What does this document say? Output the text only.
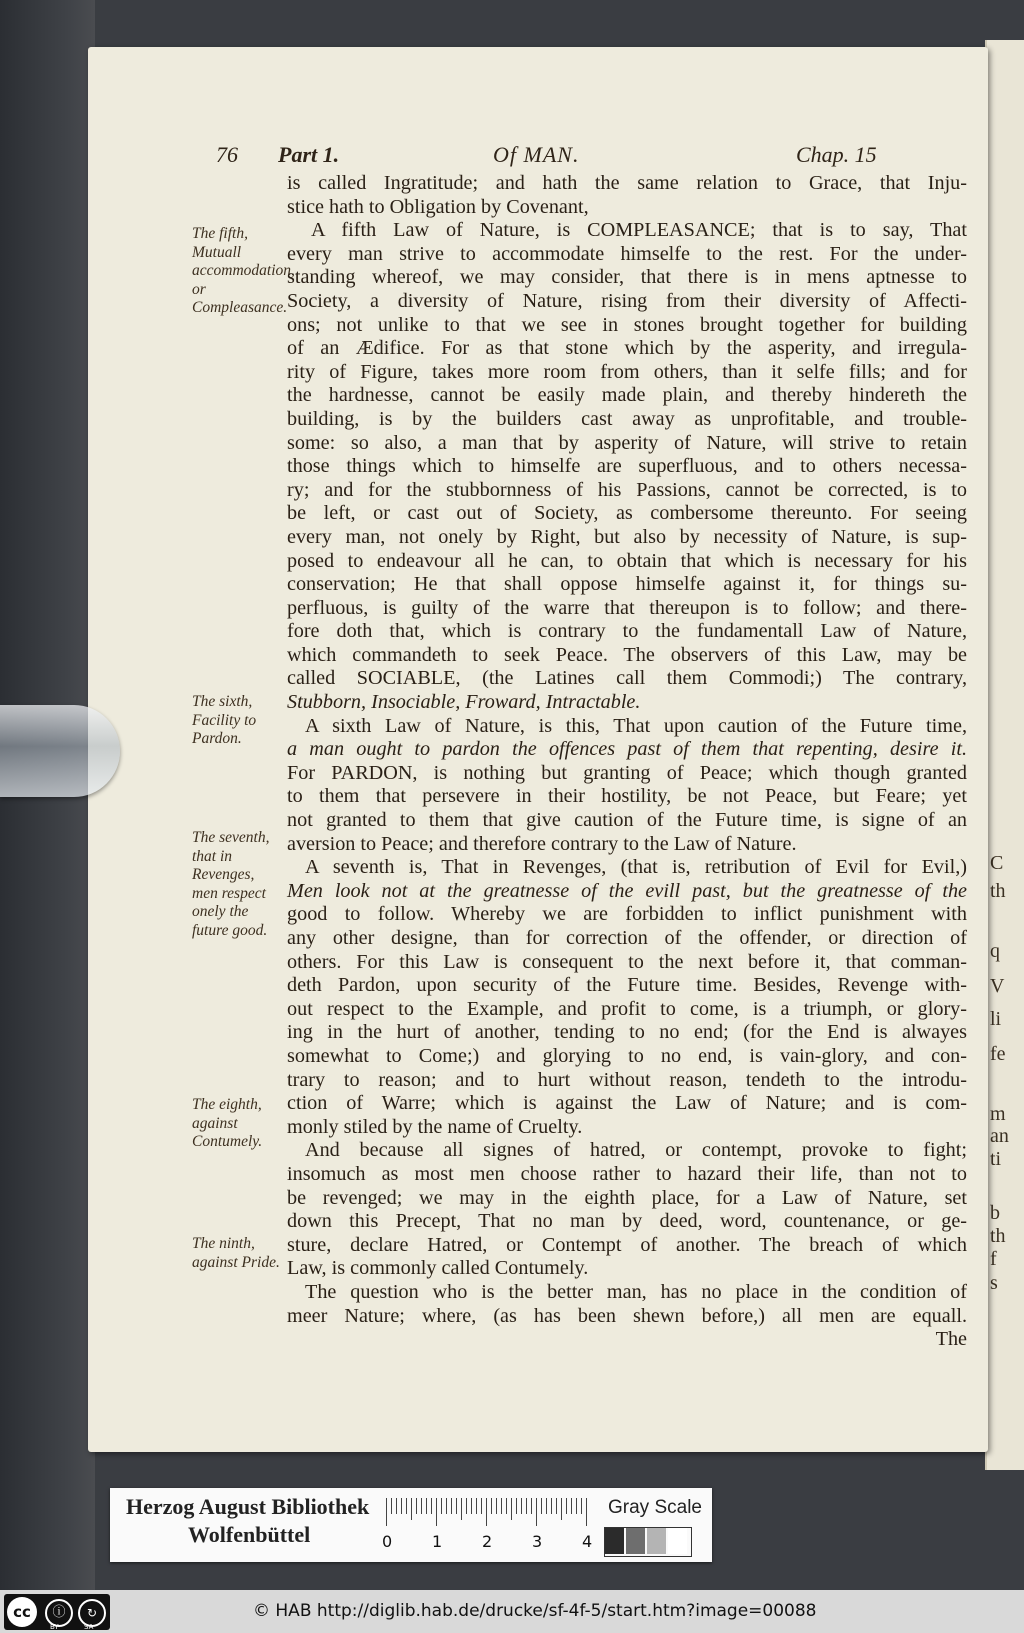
C
th
q
V
li
fe
m
an
ti
b
th
f
s
76 Part 1.	Of MAN.	Chap. 15
The fifth, Mutuall accommodation, or Compleasance.
The sixth, Facility to Pardon.
The seventh, that in Revenges, men respect onely the future good.
The eighth, against Contumely.
The ninth, against Pride.
is called Ingratitude; and hath the same relation to Grace, that Inju-
stice hath to Obligation by Covenant,
A fifth Law of Nature, is COMPLEASANCE; that is to say, That
every man strive to accommodate himselfe to the rest. For the under-
standing whereof, we may consider, that there is in mens aptnesse to
Society, a diversity of Nature, rising from their diversity of Affecti-
ons; not unlike to that we see in stones brought together for building
of an Ædifice. For as that stone which by the asperity, and irregula-
rity of Figure, takes more room from others, than it selfe fills; and for
the hardnesse, cannot be easily made plain, and thereby hindereth the
building, is by the builders cast away as unprofitable, and trouble-
some: so also, a man that by asperity of Nature, will strive to retain
those things which to himselfe are superfluous, and to others necessa-
ry; and for the stubbornness of his Passions, cannot be corrected, is to
be left, or cast out of Society, as combersome thereunto. For seeing
every man, not onely by Right, but also by necessity of Nature, is sup-
posed to endeavour all he can, to obtain that which is necessary for his
conservation; He that shall oppose himselfe against it, for things su-
perfluous, is guilty of the warre that thereupon is to follow; and there-
fore doth that, which is contrary to the fundamentall Law of Nature,
which commandeth to seek Peace. The observers of this Law, may be
called SOCIABLE, (the Latines call them Commodi;) The contrary,
Stubborn, Insociable, Froward, Intractable.
A sixth Law of Nature, is this, That upon caution of the Future time,
a man ought to pardon the offences past of them that repenting, desire it.
For PARDON, is nothing but granting of Peace; which though granted
to them that persevere in their hostility, be not Peace, but Feare; yet
not granted to them that give caution of the Future time, is signe of an
aversion to Peace; and therefore contrary to the Law of Nature.
A seventh is, That in Revenges, (that is, retribution of Evil for Evil,)
Men look not at the greatnesse of the evill past, but the greatnesse of the
good to follow. Whereby we are forbidden to inflict punishment with
any other designe, than for correction of the offender, or direction of
others. For this Law is consequent to the next before it, that comman-
deth Pardon, upon security of the Future time. Besides, Revenge with-
out respect to the Example, and profit to come, is a triumph, or glory-
ing in the hurt of another, tending to no end; (for the End is alwayes
somewhat to Come;) and glorying to no end, is vain-glory, and con-
trary to reason; and to hurt without reason, tendeth to the introdu-
ction of Warre; which is against the Law of Nature; and is com-
monly stiled by the name of Cruelty.
And because all signes of hatred, or contempt, provoke to fight;
insomuch as most men choose rather to hazard their life, than not to
be revenged; we may in the eighth place, for a Law of Nature, set
down this Precept, That no man by deed, word, countenance, or ge-
sture, declare Hatred, or Contempt of another. The breach of which
Law, is commonly called Contumely.
The question who is the better man, has no place in the condition of
meer Nature; where, (as has been shewn before,) all men are equall.
The
Herzog August Bibliothek
Wolfenbüttel	0 1 2 3 4
Gray Scale
cc	ⓘ	↻
BY	SA
© HAB http://diglib.hab.de/drucke/sf-4f-5/start.htm?image=00088
